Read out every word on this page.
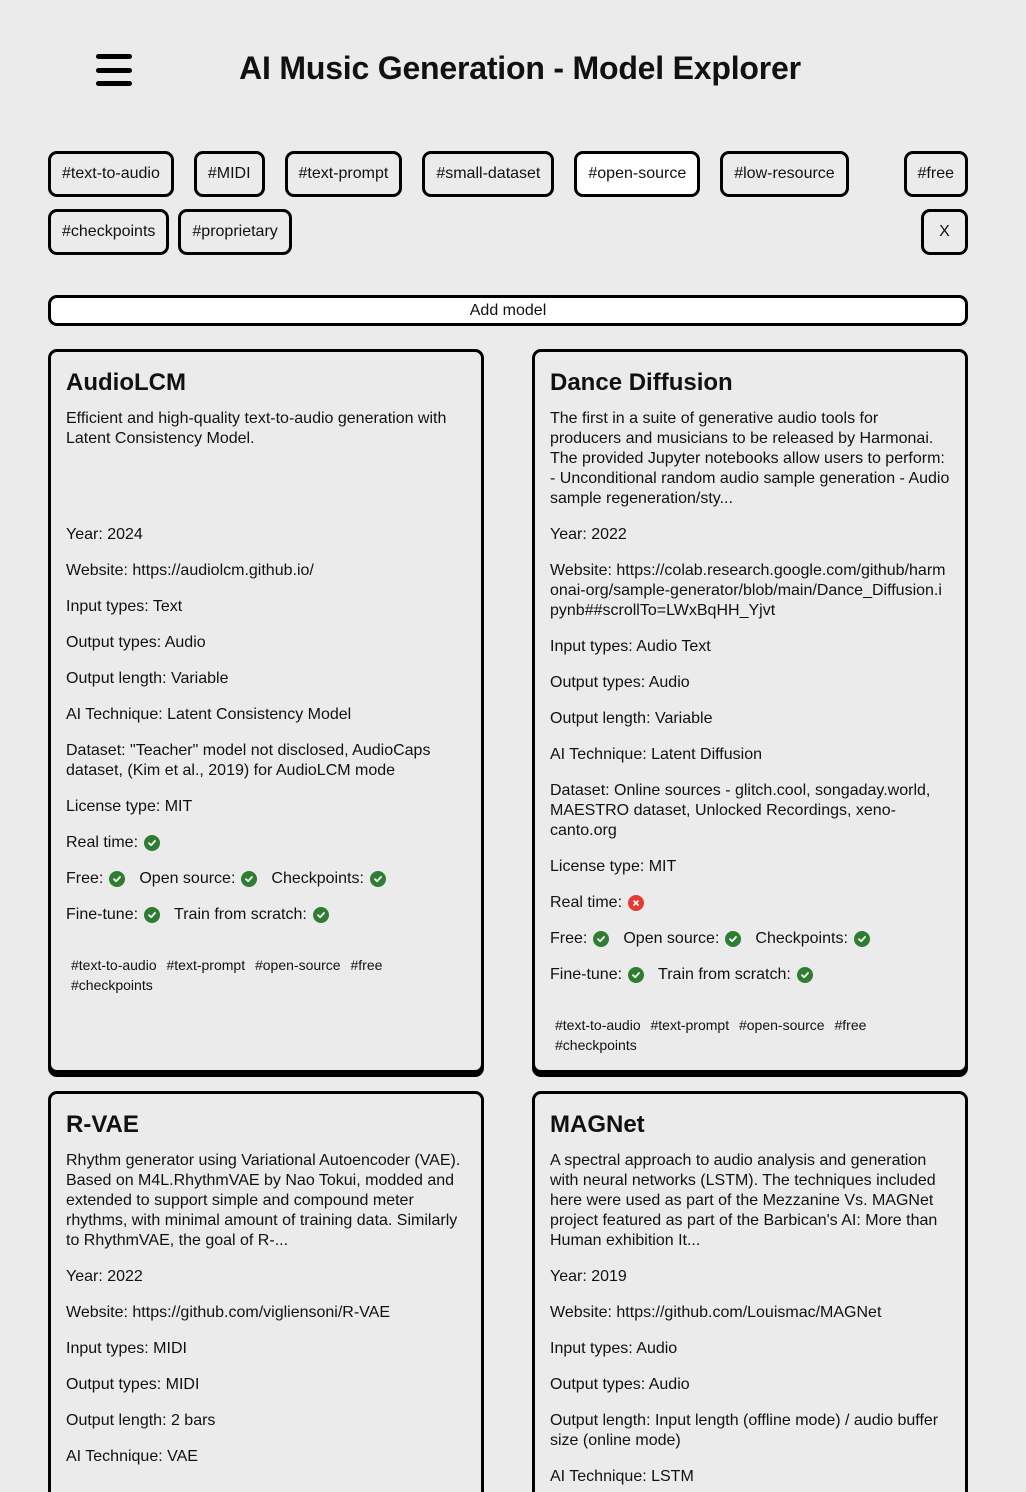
AI Music Generation - Model Explorer
#text-to-audio	#MIDI	#text-prompt	#small-dataset	#open-source	#low-resource	#free
#checkpoints	#proprietary	X
Add model
AudioLCM
Efficient and high-quality text-to-audio generation with Latent Consistency Model.
Year: 2024
Website: https://audiolcm.github.io/
Input types: Text
Output types: Audio
Output length: Variable
AI Technique: Latent Consistency Model
Dataset: "Teacher" model not disclosed, AudioCaps dataset, (Kim et al., 2019) for AudioLCM mode
License type: MIT
Real time:
Free: Open source: Checkpoints:
Fine-tune: Train from scratch:
#text-to-audio #text-prompt #open-source #free #checkpoints
Dance Diffusion
The first in a suite of generative audio tools for producers and musicians to be released by Harmonai. The provided Jupyter notebooks allow users to perform: - Unconditional random audio sample generation - Audio sample regeneration/sty...
Year: 2022
Website: https://colab.research.google.com/github/harmonai-org/sample-generator/blob/main/Dance_Diffusion.ipynb##scrollTo=LWxBqHH_Yjvt
Input types: Audio Text
Output types: Audio
Output length: Variable
AI Technique: Latent Diffusion
Dataset: Online sources - glitch.cool, songaday.world, MAESTRO dataset, Unlocked Recordings, xeno-canto.org
License type: MIT
Real time:
Free: Open source: Checkpoints:
Fine-tune: Train from scratch:
#text-to-audio #text-prompt #open-source #free #checkpoints
R-VAE
Rhythm generator using Variational Autoencoder (VAE). Based on M4L.RhythmVAE by Nao Tokui, modded and extended to support simple and compound meter rhythms, with minimal amount of training data. Similarly to RhythmVAE, the goal of R-...
Year: 2022
Website: https://github.com/vigliensoni/R-VAE
Input types: MIDI
Output types: MIDI
Output length: 2 bars
AI Technique: VAE
MAGNet
A spectral approach to audio analysis and generation with neural networks (LSTM). The techniques included here were used as part of the Mezzanine Vs. MAGNet project featured as part of the Barbican's AI: More than Human exhibition It...
Year: 2019
Website: https://github.com/Louismac/MAGNet
Input types: Audio
Output types: Audio
Output length: Input length (offline mode) / audio buffer size (online mode)
AI Technique: LSTM
